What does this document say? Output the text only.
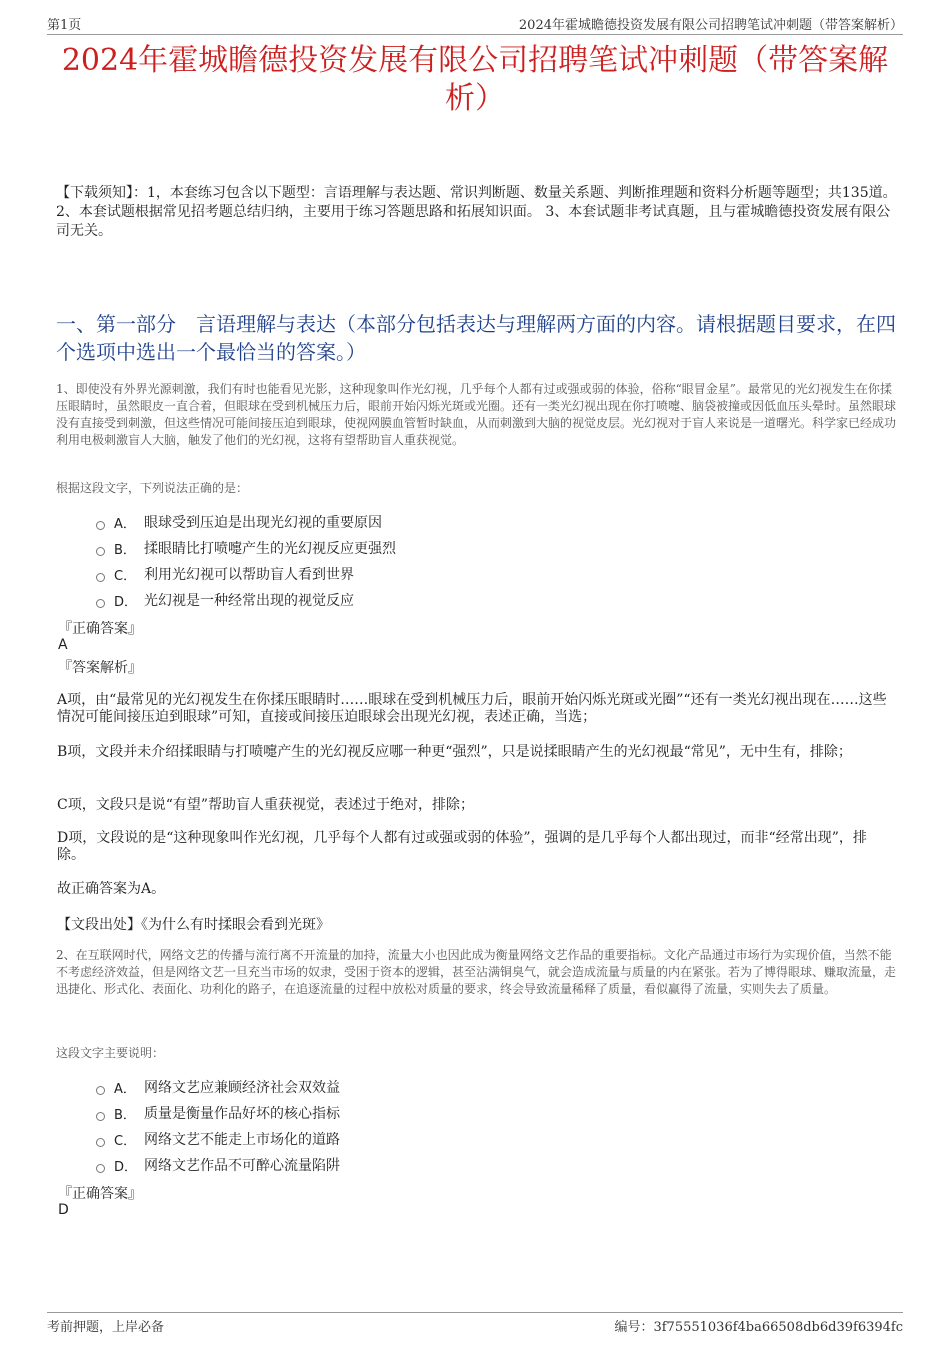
第1页	2024年霍城瞻德投资发展有限公司招聘笔试冲刺题（带答案解析）
2024年霍城瞻德投资发展有限公司招聘笔试冲刺题（带答案解析）
【下载须知】：1，本套练习包含以下题型：言语理解与表达题、常识判断题、数量关系题、判断推理题和资料分析题等题型；共135道。 2、本套试题根据常见招考题总结归纳，主要用于练习答题思路和拓展知识面。 3、本套试题非考试真题，且与霍城瞻德投资发展有限公司无关。
一、第一部分　言语理解与表达（本部分包括表达与理解两方面的内容。请根据题目要求，在四个选项中选出一个最恰当的答案。）
1、即使没有外界光源刺激，我们有时也能看见光影，这种现象叫作光幻视，几乎每个人都有过或强或弱的体验，俗称“眼冒金星”。最常见的光幻视发生在你揉压眼睛时，虽然眼皮一直合着，但眼球在受到机械压力后，眼前开始闪烁光斑或光圈。还有一类光幻视出现在你打喷嚏、脑袋被撞或因低血压头晕时。虽然眼球没有直接受到刺激，但这些情况可能间接压迫到眼球，使视网膜血管暂时缺血，从而刺激到大脑的视觉皮层。光幻视对于盲人来说是一道曙光。科学家已经成功利用电极刺激盲人大脑，触发了他们的光幻视，这将有望帮助盲人重获视觉。
根据这段文字，下列说法正确的是：
A． 眼球受到压迫是出现光幻视的重要原因
B． 揉眼睛比打喷嚏产生的光幻视反应更强烈
C． 利用光幻视可以帮助盲人看到世界
D． 光幻视是一种经常出现的视觉反应
『正确答案』
A
『答案解析』
A项，由“最常见的光幻视发生在你揉压眼睛时……眼球在受到机械压力后，眼前开始闪烁光斑或光圈”“还有一类光幻视出现在……这些情况可能间接压迫到眼球”可知，直接或间接压迫眼球会出现光幻视，表述正确，当选；
B项，文段并未介绍揉眼睛与打喷嚏产生的光幻视反应哪一种更“强烈”，只是说揉眼睛产生的光幻视最“常见”，无中生有，排除；
C项，文段只是说“有望”帮助盲人重获视觉，表述过于绝对，排除；
D项，文段说的是“这种现象叫作光幻视，几乎每个人都有过或强或弱的体验”，强调的是几乎每个人都出现过，而非“经常出现”，排除。
故正确答案为A。
【文段出处】《为什么有时揉眼会看到光斑》
2、在互联网时代，网络文艺的传播与流行离不开流量的加持，流量大小也因此成为衡量网络文艺作品的重要指标。文化产品通过市场行为实现价值，当然不能不考虑经济效益，但是网络文艺一旦充当市场的奴隶，受困于资本的逻辑，甚至沾满铜臭气，就会造成流量与质量的内在紧张。若为了博得眼球、赚取流量，走迅捷化、形式化、表面化、功利化的路子，在追逐流量的过程中放松对质量的要求，终会导致流量稀释了质量，看似赢得了流量，实则失去了质量。
这段文字主要说明：
A． 网络文艺应兼顾经济社会双效益
B． 质量是衡量作品好坏的核心指标
C． 网络文艺不能走上市场化的道路
D． 网络文艺作品不可醉心流量陷阱
『正确答案』
D
考前押题，上岸必备	编号：3f75551036f4ba66508db6d39f6394fc
